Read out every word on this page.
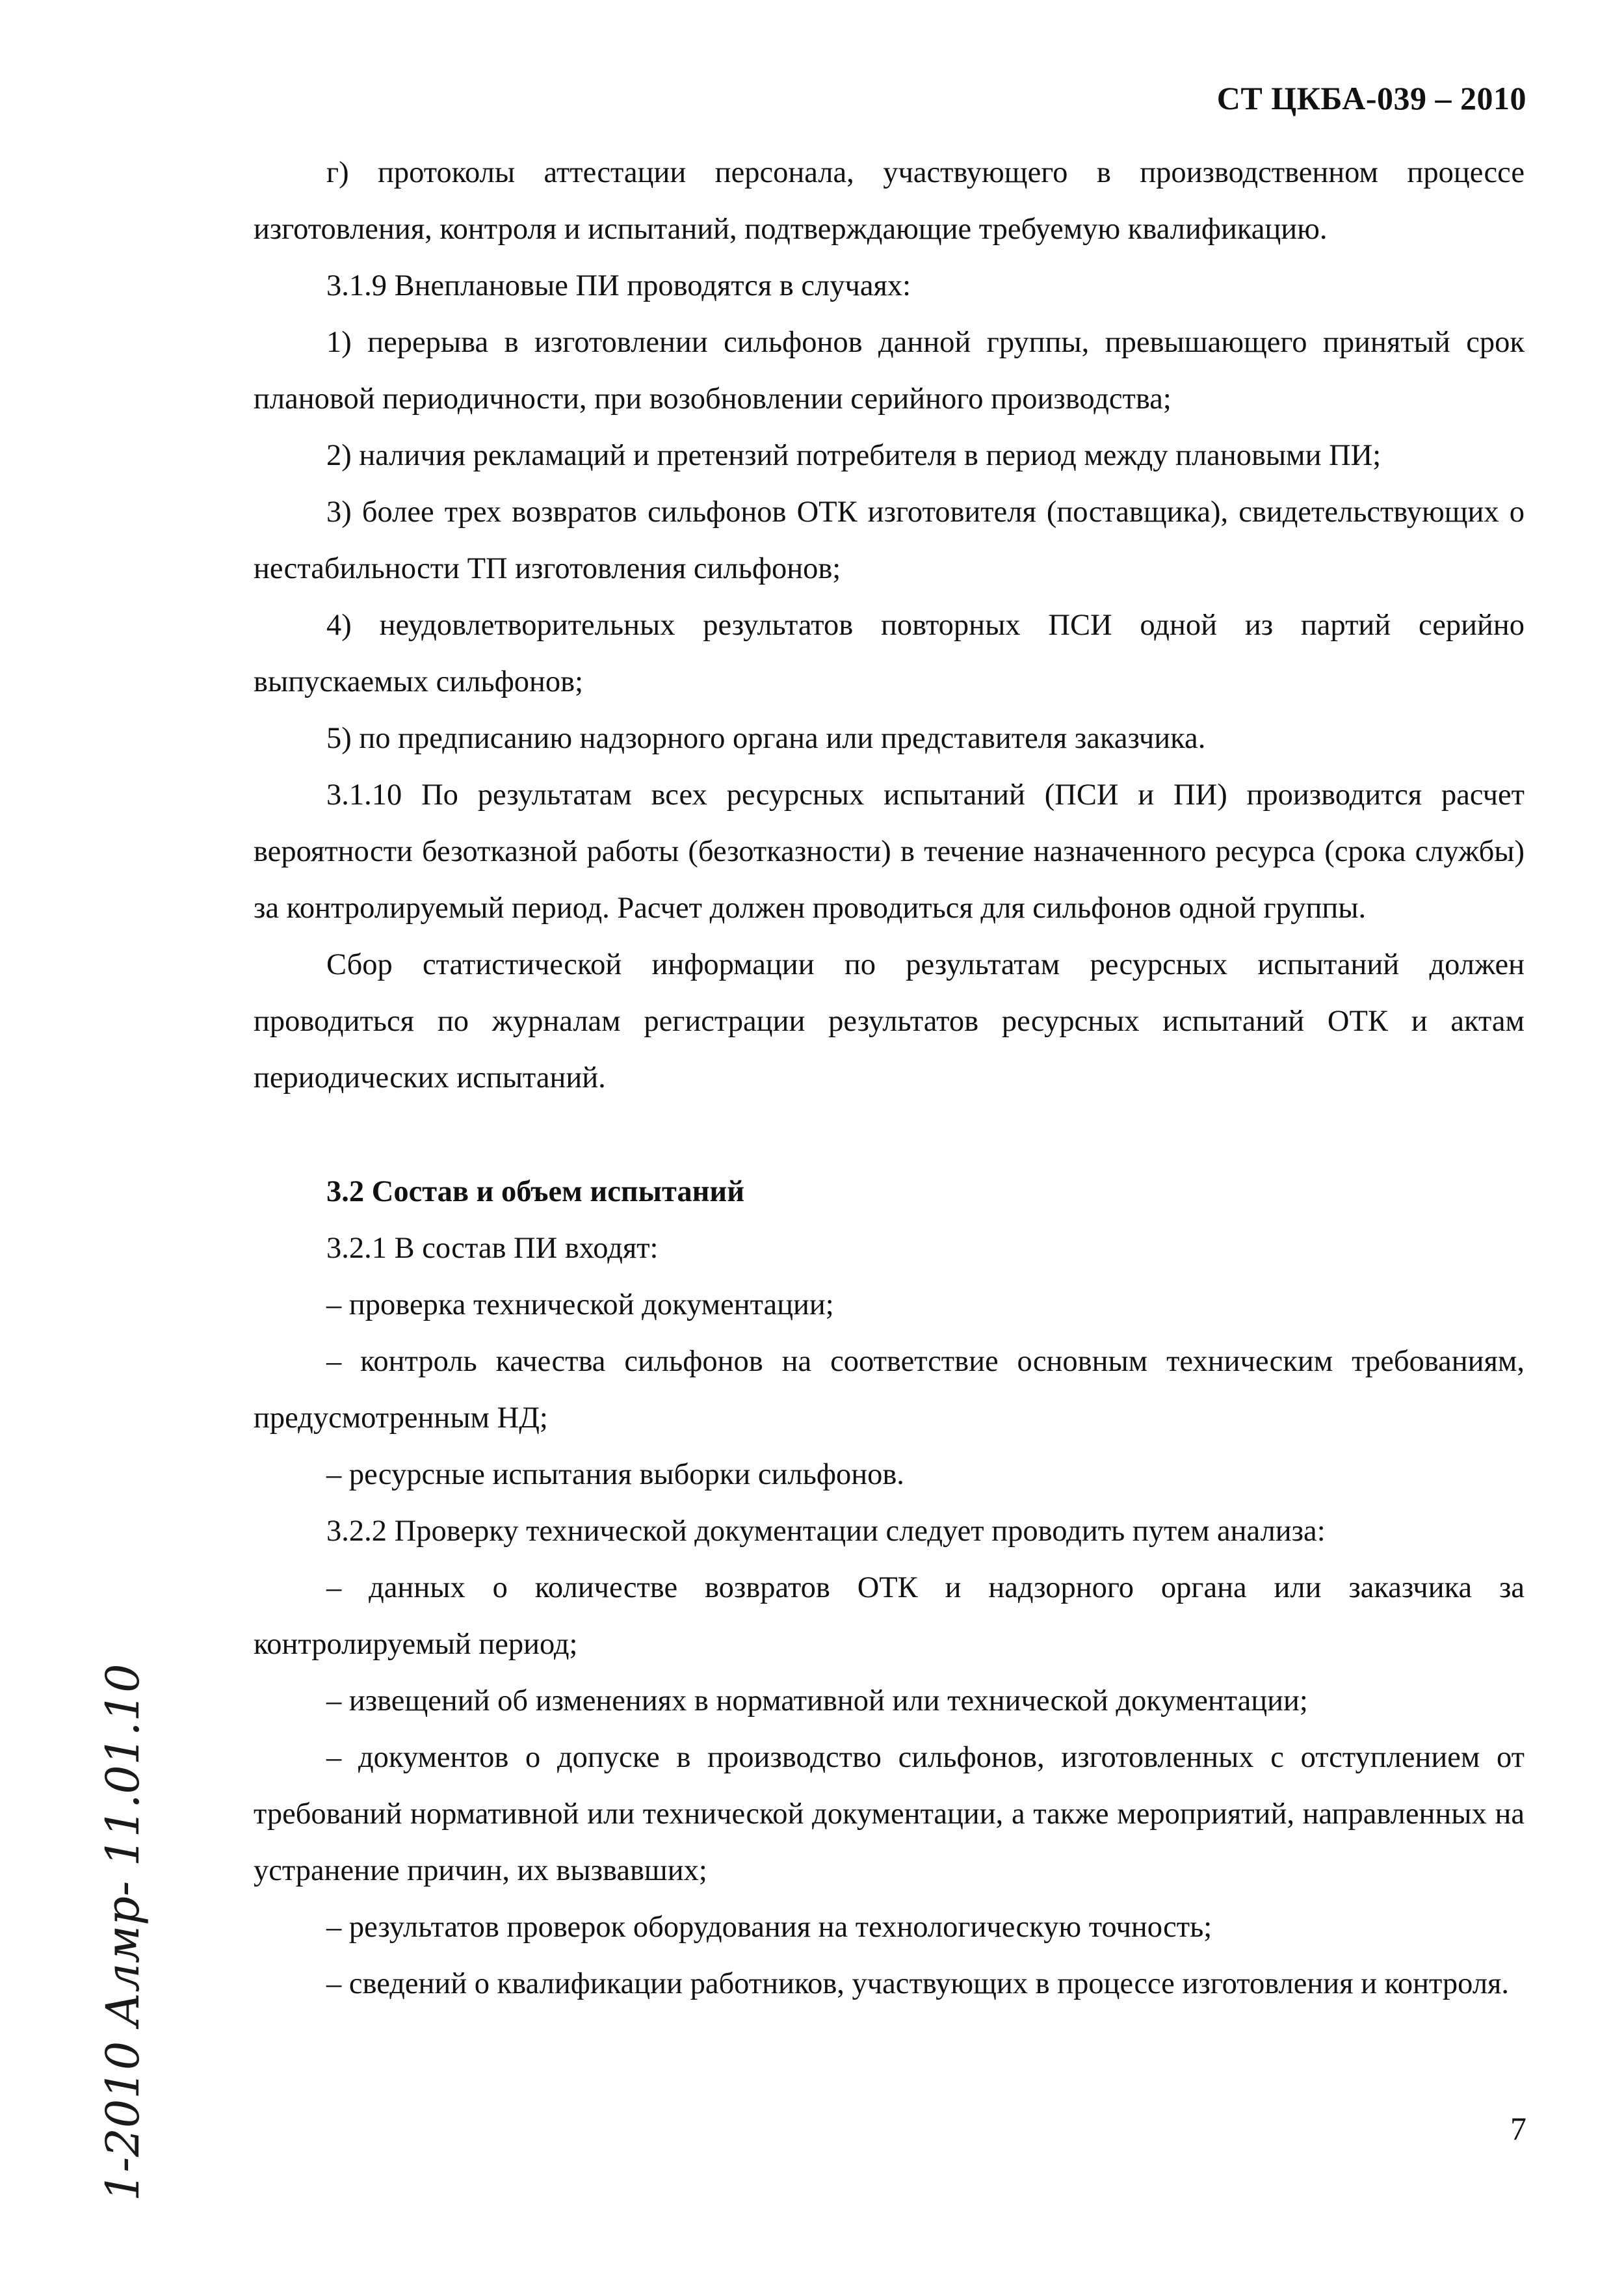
СТ ЦКБА-039 – 2010

г) протоколы аттестации персонала, участвующего в производственном процессе изготовления, контроля и испытаний, подтверждающие требуемую квалификацию.

3.1.9 Внеплановые ПИ проводятся в случаях:

1) перерыва в изготовлении сильфонов данной группы, превышающего принятый срок плановой периодичности, при возобновлении серийного производства;

2) наличия рекламаций и претензий потребителя в период между плановыми ПИ;

3) более трех возвратов сильфонов ОТК изготовителя (поставщика), свидетельствующих о нестабильности ТП изготовления сильфонов;

4) неудовлетворительных результатов повторных ПСИ одной из партий серийно выпускаемых сильфонов;

5) по предписанию надзорного органа или представителя заказчика.

3.1.10 По результатам всех ресурсных испытаний (ПСИ и ПИ) производится расчет вероятности безотказной работы (безотказности) в течение назначенного ресурса (срока службы) за контролируемый период. Расчет должен проводиться для сильфонов одной группы.

Сбор статистической информации по результатам ресурсных испытаний должен проводиться по журналам регистрации результатов ресурсных испытаний ОТК и актам периодических испытаний.

3.2 Состав и объем испытаний

3.2.1 В состав ПИ входят:

– проверка технической документации;

– контроль качества сильфонов на соответствие основным техническим требованиям, предусмотренным НД;

– ресурсные испытания выборки сильфонов.

3.2.2 Проверку технической документации следует проводить путем анализа:

– данных о количестве возвратов ОТК и надзорного органа или заказчика за контролируемый период;

– извещений об изменениях в нормативной или технической документации;

– документов о допуске в производство сильфонов, изготовленных с отступлением от требований нормативной или технической документации, а также мероприятий, направленных на устранение причин, их вызвавших;

– результатов проверок оборудования на технологическую точность;

– сведений о квалификации работников, участвующих в процессе изготовления и контроля.

1-2010 Алмр- 11.01.10	7
